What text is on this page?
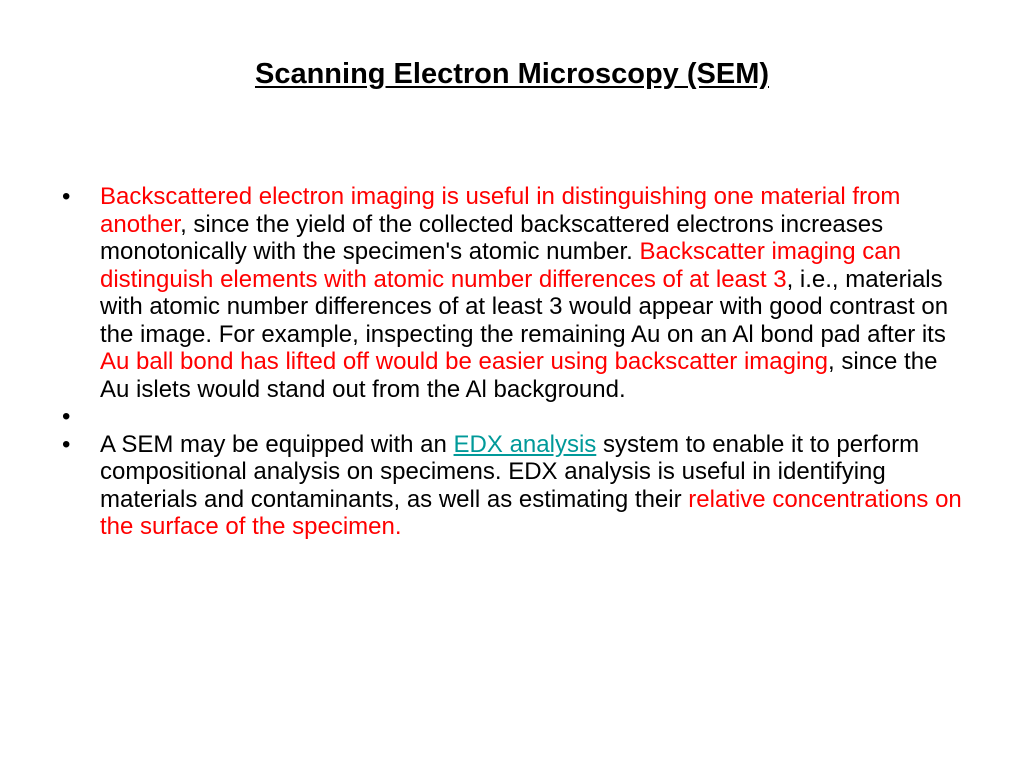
Scanning Electron Microscopy (SEM)
• Backscattered electron imaging is useful in distinguishing one material from another, since the yield of the collected backscattered electrons increases monotonically with the specimen's atomic number. Backscatter imaging can distinguish elements with atomic number differences of at least 3, i.e., materials with atomic number differences of at least 3 would appear with good contrast on the image. For example, inspecting the remaining Au on an Al bond pad after its Au ball bond has lifted off would be easier using backscatter imaging, since the Au islets would stand out from the Al background.
•

• A SEM may be equipped with an EDX analysis system to enable it to perform compositional analysis on specimens. EDX analysis is useful in identifying materials and contaminants, as well as estimating their relative concentrations on the surface of the specimen.
